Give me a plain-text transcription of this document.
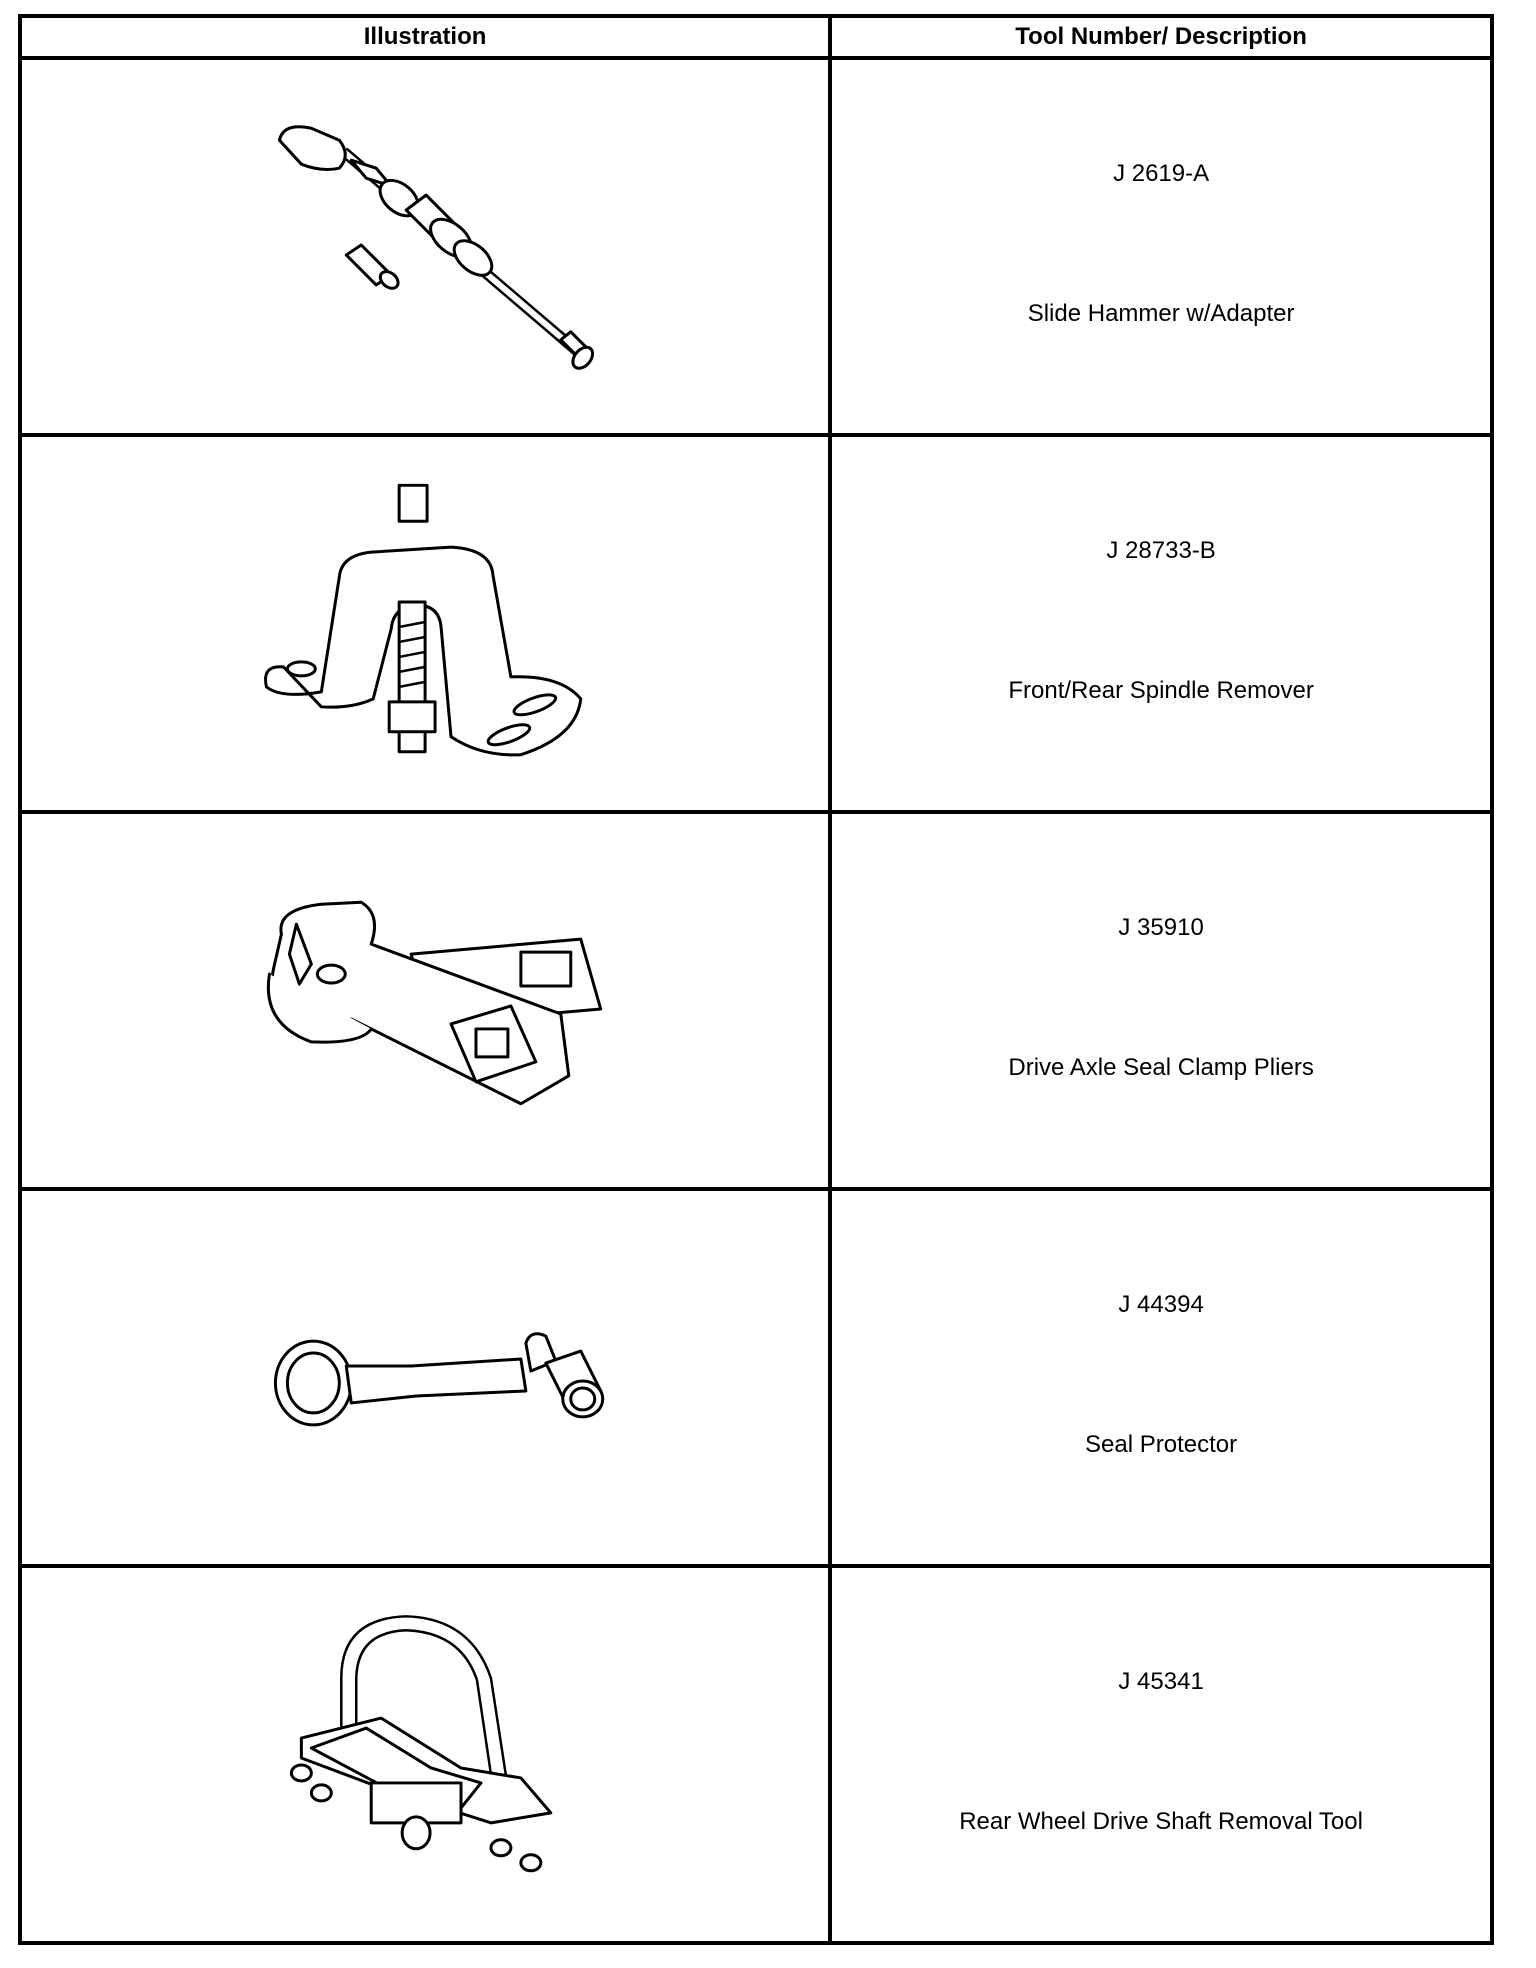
Illustration	Tool Number/ Description

J 2619-A
Slide Hammer w/Adapter

J 28733-B
Front/Rear Spindle Remover

J 35910
Drive Axle Seal Clamp Pliers

J 44394
Seal Protector

J 45341
Rear Wheel Drive Shaft Removal Tool
